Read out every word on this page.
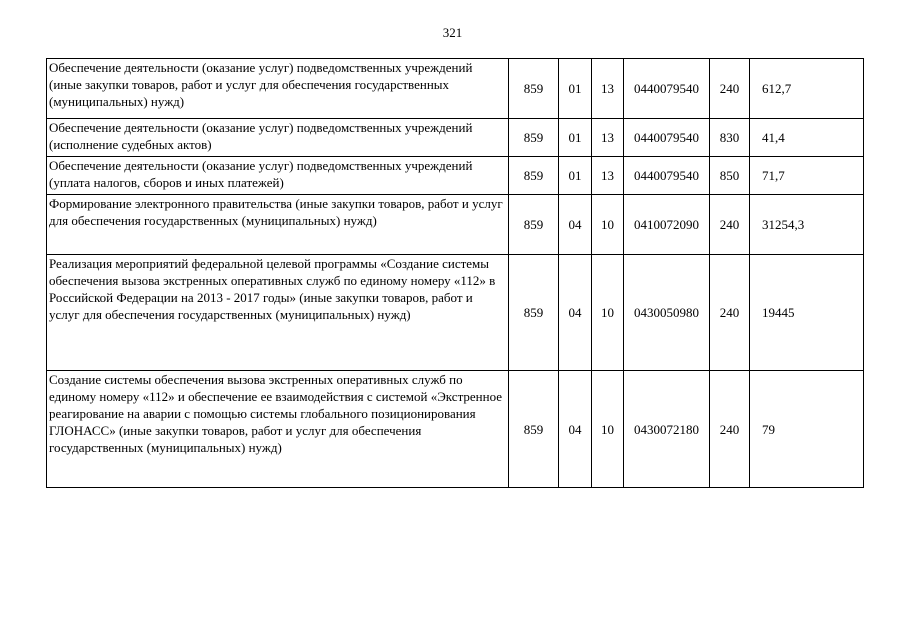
321
Обеспечение деятельности (оказание услуг) подведомственных учреждений (иные закупки товаров, работ и услуг для обеспечения государственных (муниципальных) нужд)	859	01	13	0440079540	240	612,7
Обеспечение деятельности (оказание услуг) подведомственных учреждений (исполнение судебных актов)	859	01	13	0440079540	830	41,4
Обеспечение деятельности (оказание услуг) подведомственных учреждений (уплата налогов, сборов и иных платежей)	859	01	13	0440079540	850	71,7
Формирование электронного правительства (иные закупки товаров, работ и услуг для обеспечения государственных (муниципальных) нужд)	859	04	10	0410072090	240	31254,3
Реализация мероприятий федеральной целевой программы «Создание системы обеспечения вызова экстренных оперативных служб по единому номеру «112» в Российской Федерации на 2013 - 2017 годы» (иные закупки товаров, работ и услуг для обеспечения государственных (муниципальных) нужд)	859	04	10	0430050980	240	19445
Создание системы обеспечения вызова экстренных оперативных служб по единому номеру «112» и обеспечение ее взаимодействия с системой «Экстренное реагирование на аварии с помощью системы глобального позиционирования ГЛОНАСС» (иные закупки товаров, работ и услуг для обеспечения государственных (муниципальных) нужд)	859	04	10	0430072180	240	79
